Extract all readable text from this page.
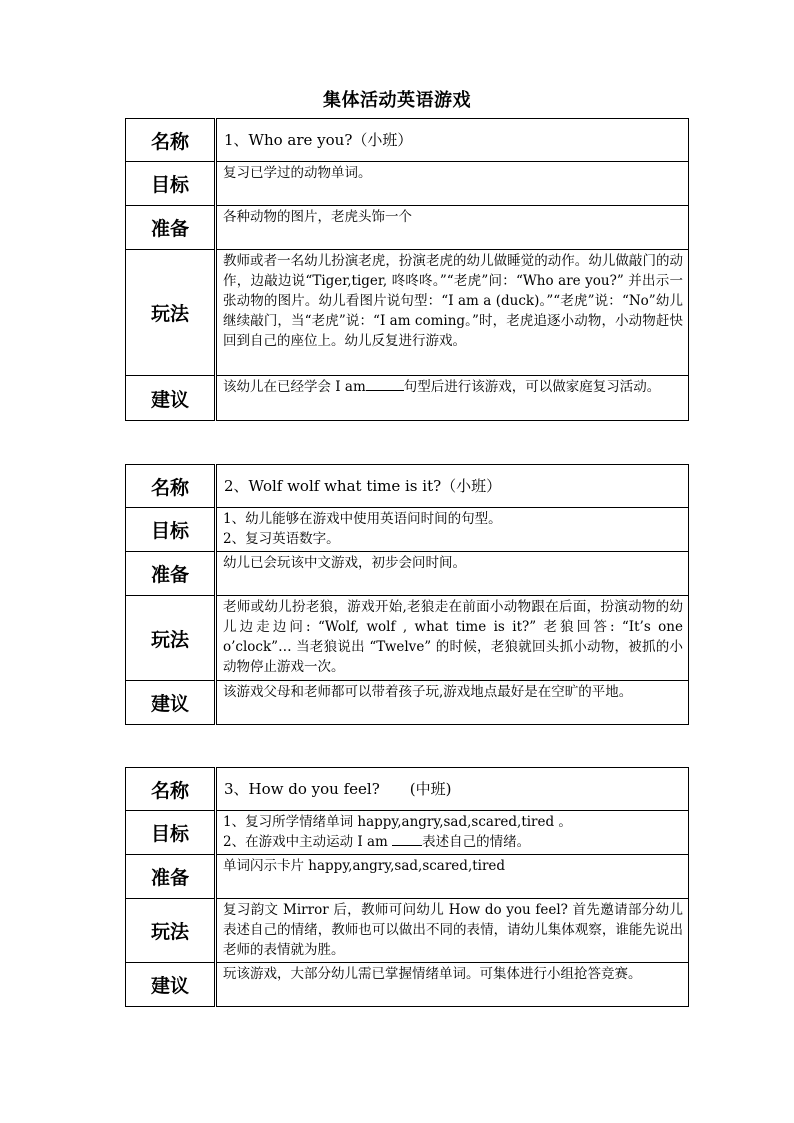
集体活动英语游戏
名称	1、Who are you?（小班）
目标	复习已学过的动物单词。
准备	各种动物的图片，老虎头饰一个
玩法	教师或者一名幼儿扮演老虎，扮演老虎的幼儿做睡觉的动作。幼儿做敲门的动作，边敲边说“Tiger,tiger, 咚咚咚。”“老虎”问：“Who are you?” 并出示一张动物的图片。幼儿看图片说句型：“I am a (duck)。”“老虎”说：“No”幼儿继续敲门，当“老虎”说：“I am coming。”时，老虎追逐小动物，小动物赶快回到自己的座位上。幼儿反复进行游戏。
建议	该幼儿在已经学会 I am 句型后进行该游戏，可以做家庭复习活动。
名称	2、Wolf wolf what time is it?（小班）
目标	1、幼儿能够在游戏中使用英语问时间的句型。
2、复习英语数字。

准备	幼儿已会玩该中文游戏，初步会问时间。
玩法	老师或幼儿扮老狼，游戏开始,老狼走在前面小动物跟在后面，扮演动物的幼儿边走边问: “Wolf, wolf , what time is it?” 老狼回答: “It’s one o’clock”… 当老狼说出 “Twelve” 的时候，老狼就回头抓小动物，被抓的小动物停止游戏一次。
建议	该游戏父母和老师都可以带着孩子玩,游戏地点最好是在空旷的平地。
名称	3、How do you feel?　　(中班)
目标	1、复习所学情绪单词 happy,angry,sad,scared,tired 。
2、在游戏中主动运动 I am 表述自己的情绪。

准备	单词闪示卡片 happy,angry,sad,scared,tired
玩法	复习韵文 Mirror 后，教师可问幼儿 How do you feel? 首先邀请部分幼儿表述自己的情绪，教师也可以做出不同的表情，请幼儿集体观察，谁能先说出老师的表情就为胜。
建议	玩该游戏，大部分幼儿需已掌握情绪单词。可集体进行小组抢答竞赛。
